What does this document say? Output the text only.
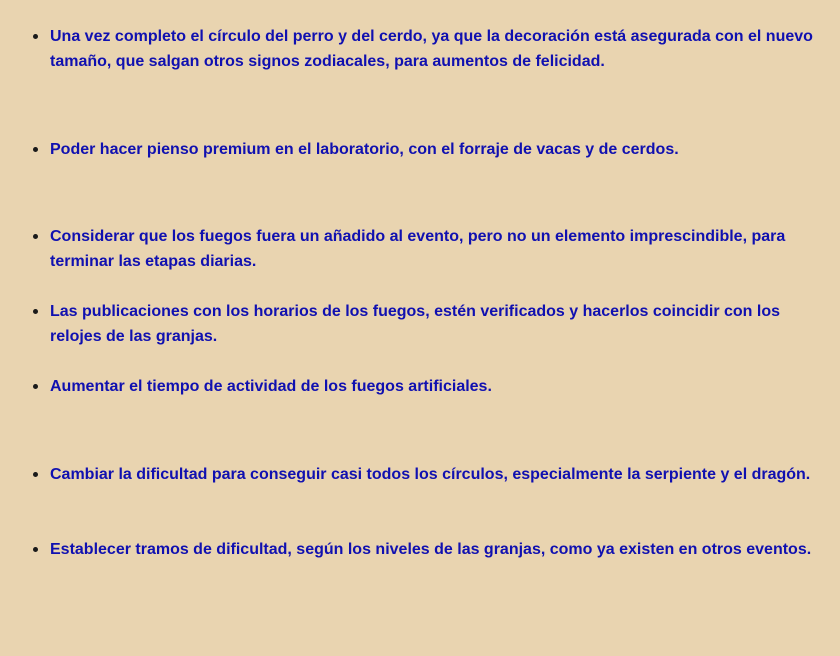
Una vez completo el círculo del perro y del cerdo, ya que la decoración está asegurada con el nuevo tamaño, que salgan otros signos zodiacales, para aumentos de felicidad.
Poder hacer pienso premium en el laboratorio, con el forraje de vacas y de cerdos.
Considerar que los fuegos fuera un añadido al evento, pero no un elemento imprescindible, para terminar las etapas diarias.
Las publicaciones con los horarios de los fuegos, estén verificados y hacerlos coincidir con los relojes de las granjas.
Aumentar el tiempo de actividad de los fuegos artificiales.
Cambiar la dificultad para conseguir casi todos los círculos, especialmente la serpiente y el dragón.
Establecer tramos de dificultad, según los niveles de las granjas, como ya existen en otros eventos.
